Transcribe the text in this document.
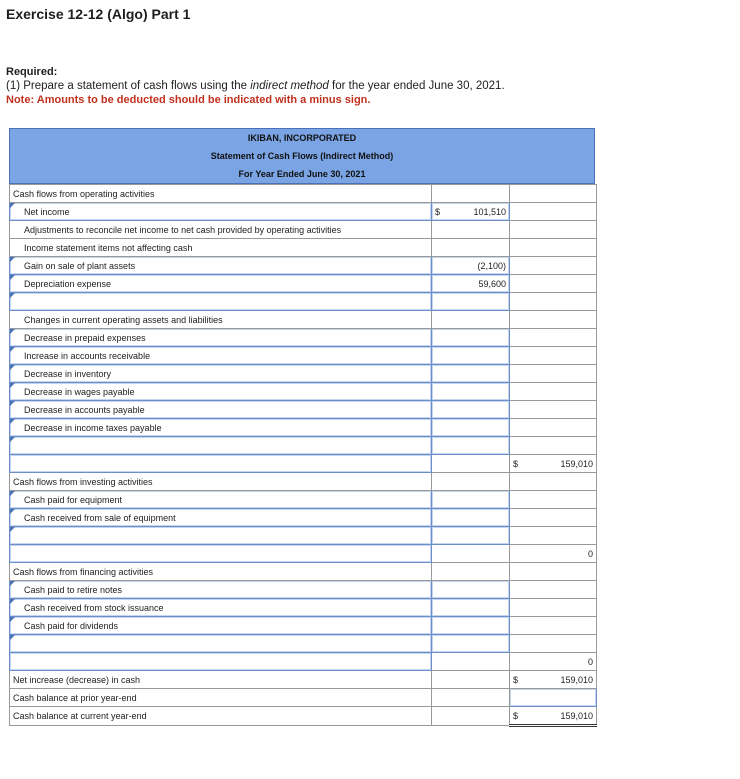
Exercise 12-12 (Algo) Part 1
Required:
(1) Prepare a statement of cash flows using the indirect method for the year ended June 30, 2021.
Note: Amounts to be deducted should be indicated with a minus sign.
IKIBAN, INCORPORATED
Statement of Cash Flows (Indirect Method)
For Year Ended June 30, 2021
Cash flows from operating activities		
Net income	$ 101,510	

Adjustments to reconcile net income to net cash provided by operating activities		
Income statement items not affecting cash		
Gain on sale of plant assets	(2,100)	

Depreciation expense	59,600	

Changes in current operating assets and liabilities		
Decrease in prepaid expenses		
Increase in accounts receivable		
Decrease in inventory		
Decrease in wages payable		
Decrease in accounts payable		
Decrease in income taxes payable		

		$ 159,010

Cash flows from investing activities		
Cash paid for equipment		
Cash received from sale of equipment		

		0

Cash flows from financing activities		
Cash paid to retire notes		
Cash received from stock issuance		
Cash paid for dividends		

		0

Net increase (decrease) in cash		$ 159,010

Cash balance at prior year-end		
Cash balance at current year-end		$ 159,010
